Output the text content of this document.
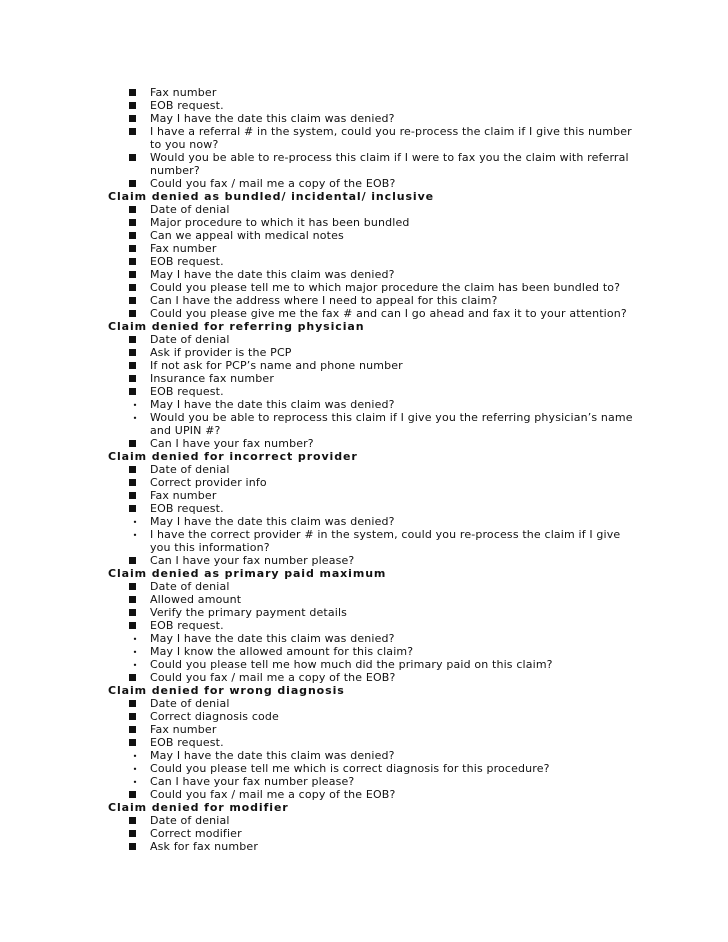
Fax number
EOB request.
May I have the date this claim was denied?
I have a referral # in the system, could you re-process the claim if I give this number
to you now?
Would you be able to re-process this claim if I were to fax you the claim with referral
number?
Could you fax / mail me a copy of the EOB?
Claim denied as bundled/ incidental/ inclusive
Date of denial
Major procedure to which it has been bundled
Can we appeal with medical notes
Fax number
EOB request.
May I have the date this claim was denied?
Could you please tell me to which major procedure the claim has been bundled to?
Can I have the address where I need to appeal for this claim?
Could you please give me the fax # and can I go ahead and fax it to your attention?
Claim denied for referring physician
Date of denial
Ask if provider is the PCP
If not ask for PCP’s name and phone number
Insurance fax number
EOB request.
• May I have the date this claim was denied?
• Would you be able to reprocess this claim if I give you the referring physician’s name
and UPIN #?
Can I have your fax number?
Claim denied for incorrect provider
Date of denial
Correct provider info
Fax number
EOB request.
• May I have the date this claim was denied?
• I have the correct provider # in the system, could you re-process the claim if I give
you this information?
Can I have your fax number please?
Claim denied as primary paid maximum
Date of denial
Allowed amount
Verify the primary payment details
EOB request.
• May I have the date this claim was denied?
• May I know the allowed amount for this claim?
• Could you please tell me how much did the primary paid on this claim?
Could you fax / mail me a copy of the EOB?
Claim denied for wrong diagnosis
Date of denial
Correct diagnosis code
Fax number
EOB request.
• May I have the date this claim was denied?
• Could you please tell me which is correct diagnosis for this procedure?
• Can I have your fax number please?
Could you fax / mail me a copy of the EOB?
Claim denied for modifier
Date of denial
Correct modifier
Ask for fax number
